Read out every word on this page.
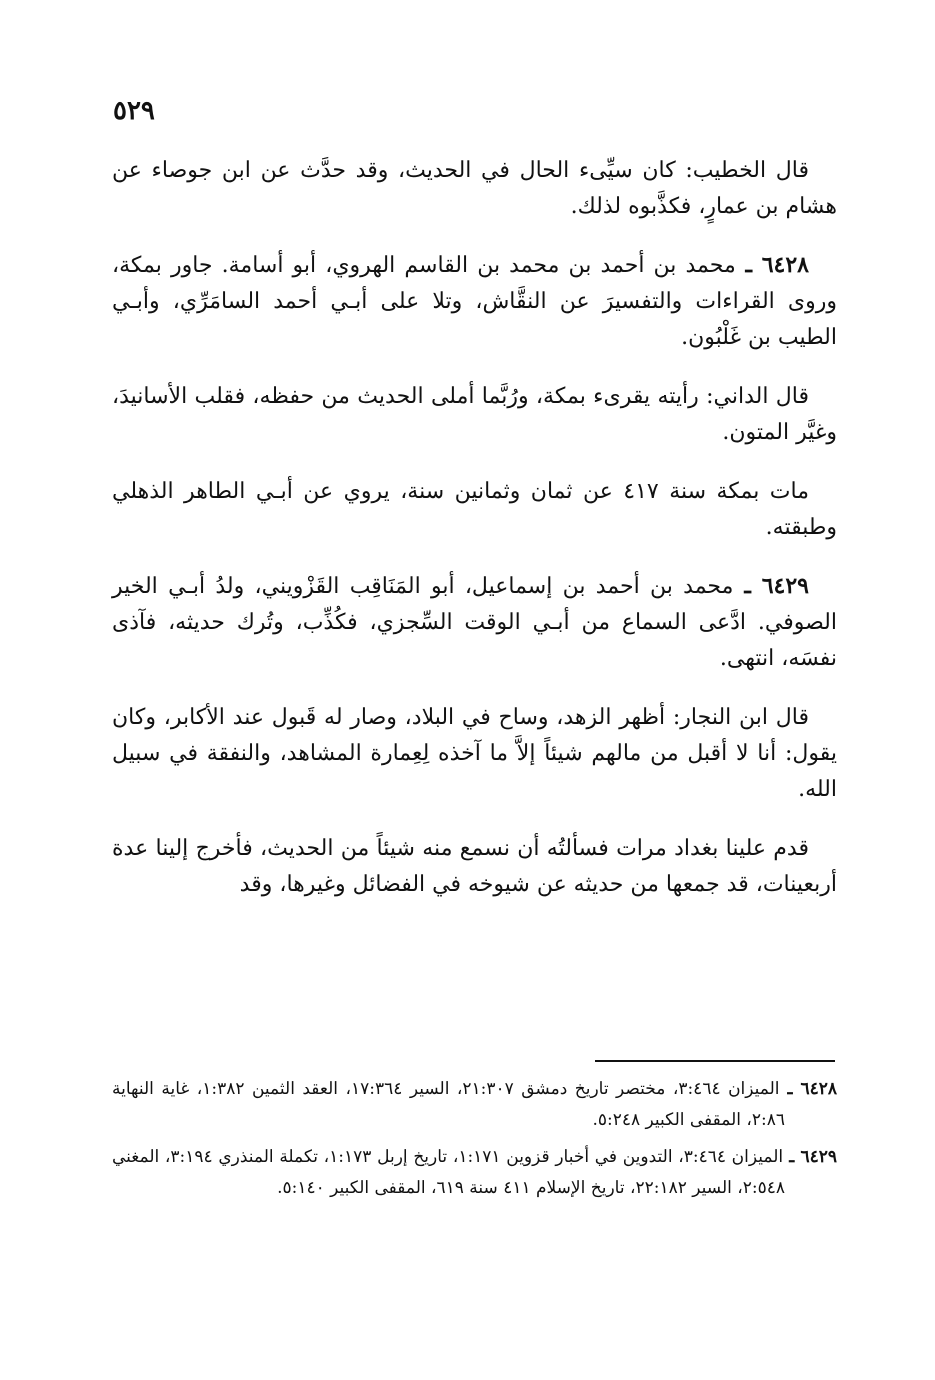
٥٢٩

قال الخطيب: كان سيِّىء الحال في الحديث، وقد حدَّث عن ابن جوصاء عن هشام بن عمارٍ، فكذَّبوه لذلك.

٦٤٢٨ ـ محمد بن أحمد بن محمد بن القاسم الهروي، أبو أسامة. جاور بمكة، وروى القراءات والتفسيرَ عن النقَّاش، وتلا على أبـي أحمد السامَرِّي، وأبـي الطيب بن غَلْبُون.

قال الداني: رأيته يقرىء بمكة، ورُبَّما أملى الحديث من حفظه، فقلب الأسانيدَ، وغيَّر المتون.

مات بمكة سنة ٤١٧ عن ثمان وثمانين سنة، يروي عن أبـي الطاهر الذهلي وطبقته.

٦٤٢٩ ـ محمد بن أحمد بن إسماعيل، أبو المَنَاقِب القَزْويني، ولدُ أبـي الخير الصوفي. ادَّعى السماع من أبـي الوقت السِّجزي، فكُذِّب، وتُرك حديثه، فآذى نفسَه، انتهى.

قال ابن النجار: أظهر الزهد، وساح في البلاد، وصار له قَبول عند الأكابر، وكان يقول: أنا لا أقبل من مالهم شيئاً إلاَّ ما آخذه لِعِمارة المشاهد، والنفقة في سبيل الله.

قدم علينا بغداد مرات فسألتُه أن نسمع منه شيئاً من الحديث، فأخرج إلينا عدة أربعينات، قد جمعها من حديثه عن شيوخه في الفضائل وغيرها، وقد

٦٤٢٨ ـ الميزان ٣:٤٦٤، مختصر تاريخ دمشق ٢١:٣٠٧، السير ١٧:٣٦٤، العقد الثمين ١:٣٨٢، غاية النهاية ٢:٨٦، المقفى الكبير ٥:٢٤٨.

٦٤٢٩ ـ الميزان ٣:٤٦٤، التدوين في أخبار قزوين ١:١٧١، تاريخ إربل ١:١٧٣، تكملة المنذري ٣:١٩٤، المغني ٢:٥٤٨، السير ٢٢:١٨٢، تاريخ الإسلام ٤١١ سنة ٦١٩، المقفى الكبير ٥:١٤٠.
